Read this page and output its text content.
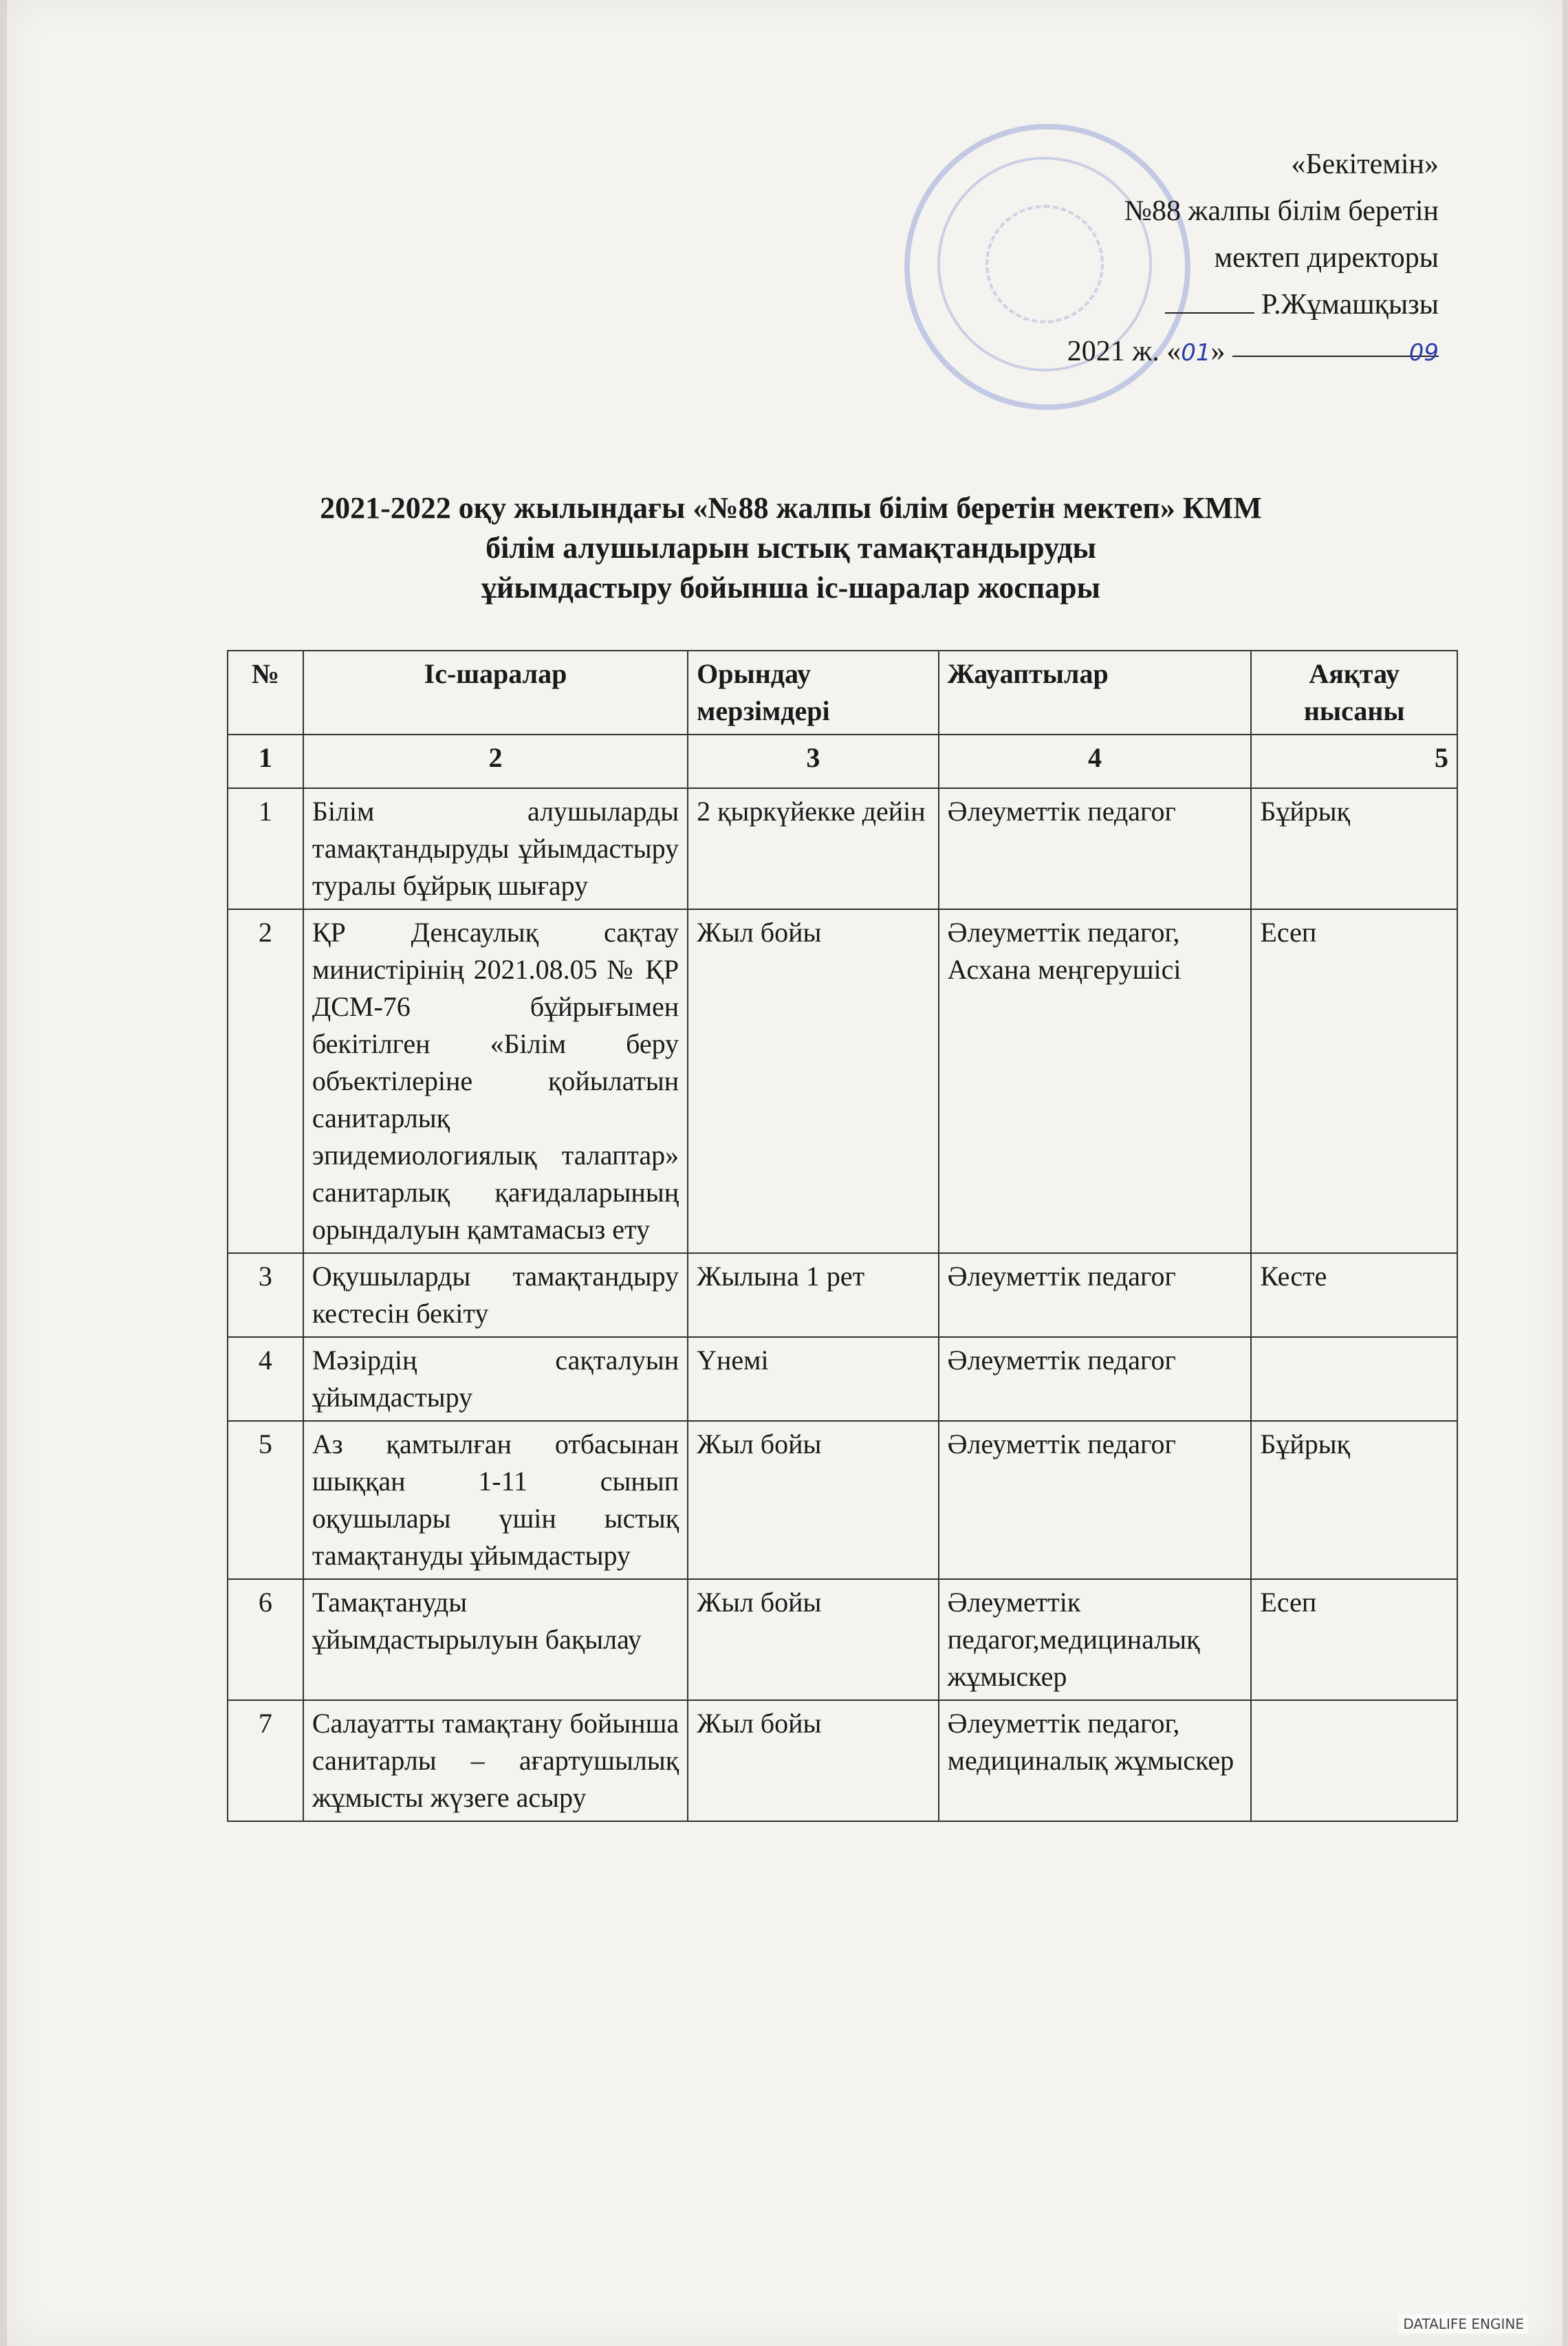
«Бекітемін»
№88 жалпы білім беретін
мектеп директоры
Р.Жұмашқызы
2021 ж. «01»	09
2021-2022 оқу жылындағы «№88 жалпы білім беретін мектеп» КММ
білім алушыларын ыстық тамақтандыруды
ұйымдастыру бойынша іс-шаралар жоспары
№	Іс-шаралар	Орындау мерзімдері	Жауаптылар	Аяқтау нысаны
1	2	3	4	5
1	Білім алушыларды тамақтандыруды ұйымдастыру туралы бұйрық шығару	2 қыркүйекке дейін	Әлеуметтік педагог	Бұйрық
2	ҚР Денсаулық сақтау министірінің 2021.08.05 № ҚР ДСМ-76 бұйрығымен бекітілген «Білім беру объектілеріне қойылатын санитарлық эпидемиологиялық талаптар» санитарлық қағидаларының орындалуын қамтамасыз ету	Жыл бойы	Әлеуметтік педагог, Асхана меңгерушісі	Есеп
3	Оқушыларды тамақтандыру кестесін бекіту	Жылына 1 рет	Әлеуметтік педагог	Кесте
4	Мәзірдің сақталуын ұйымдастыру	Үнемі	Әлеуметтік педагог	
5	Аз қамтылған отбасынан шыққан 1-11 сынып оқушылары үшін ыстық тамақтануды ұйымдастыру	Жыл бойы	Әлеуметтік педагог	Бұйрық
6	Тамақтануды ұйымдастырылуын бақылау	Жыл бойы	Әлеуметтік педагог,медициналық жұмыскер	Есеп
7	Салауатты тамақтану бойынша санитарлы – ағартушылық жұмысты жүзеге асыру	Жыл бойы	Әлеуметтік педагог, медициналық жұмыскер	
DATALIFE ENGINE
